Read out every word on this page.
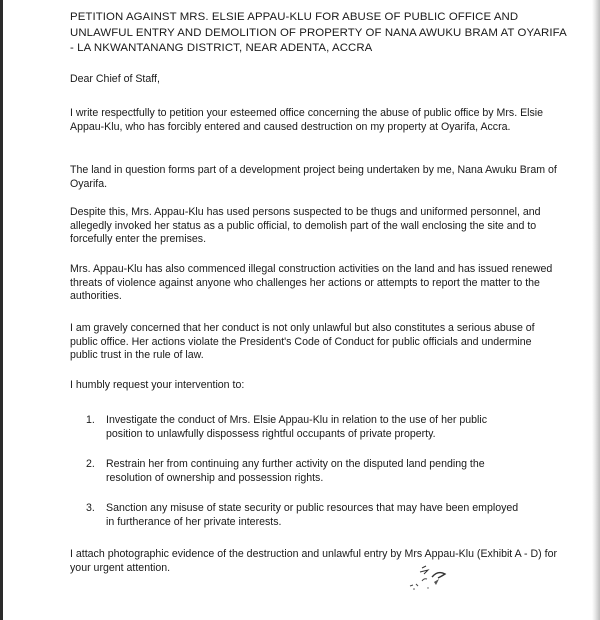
PETITION AGAINST MRS. ELSIE APPAU-KLU FOR ABUSE OF PUBLIC OFFICE AND UNLAWFUL ENTRY AND DEMOLITION OF PROPERTY OF NANA AWUKU BRAM AT OYARIFA - LA NKWANTANANG DISTRICT, NEAR ADENTA, ACCRA

Dear Chief of Staff,

I write respectfully to petition your esteemed office concerning the abuse of public office by Mrs. Elsie Appau-Klu, who has forcibly entered and caused destruction on my property at Oyarifa, Accra.

The land in question forms part of a development project being undertaken by me, Nana Awuku Bram of Oyarifa.

Despite this, Mrs. Appau-Klu has used persons suspected to be thugs and uniformed personnel, and allegedly invoked her status as a public official, to demolish part of the wall enclosing the site and to forcefully enter the premises.

Mrs. Appau-Klu has also commenced illegal construction activities on the land and has issued renewed threats of violence against anyone who challenges her actions or attempts to report the matter to the authorities.

I am gravely concerned that her conduct is not only unlawful but also constitutes a serious abuse of public office. Her actions violate the President's Code of Conduct for public officials and undermine public trust in the rule of law.

I humbly request your intervention to:

1.	Investigate the conduct of Mrs. Elsie Appau-Klu in relation to the use of her public position to unlawfully dispossess rightful occupants of private property.
2.	Restrain her from continuing any further activity on the disputed land pending the resolution of ownership and possession rights.
3.	Sanction any misuse of state security or public resources that may have been employed in furtherance of her private interests.

I attach photographic evidence of the destruction and unlawful entry by Mrs Appau-Klu (Exhibit A - D) for your urgent attention.
